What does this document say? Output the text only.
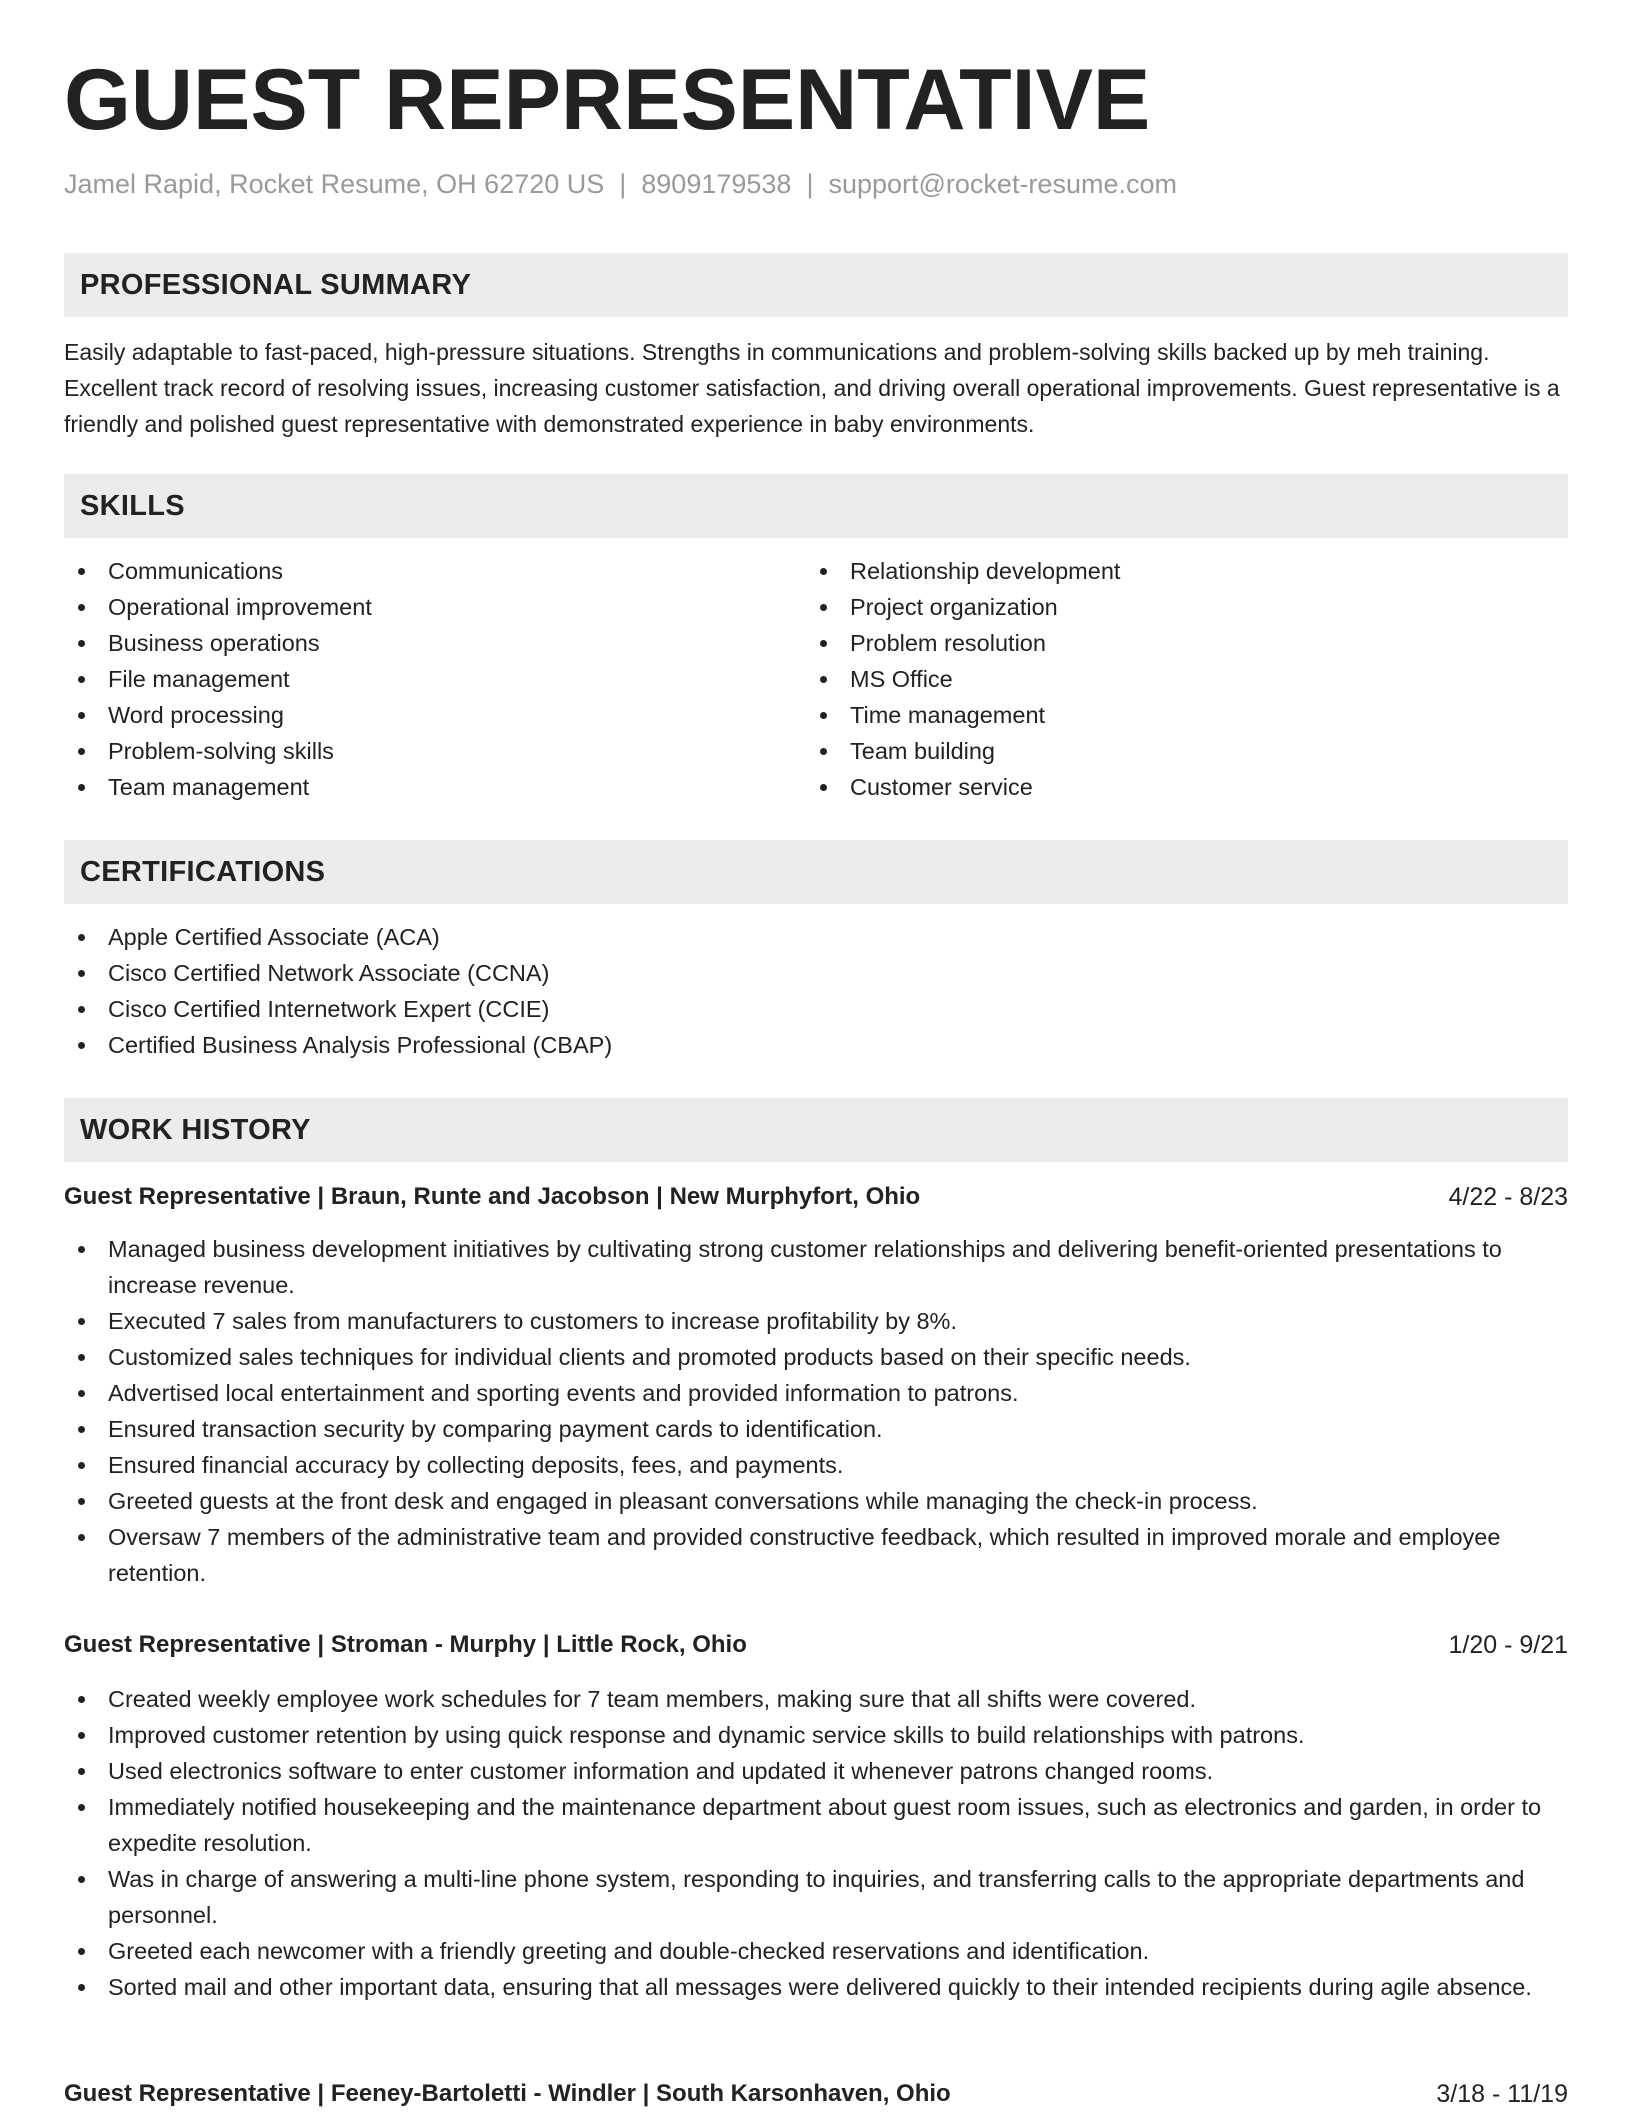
GUEST REPRESENTATIVE
Jamel Rapid, Rocket Resume, OH 62720 US | 8909179538 | support@rocket-resume.com
PROFESSIONAL SUMMARY

Easily adaptable to fast-paced, high-pressure situations. Strengths in communications and problem-solving skills backed up by meh training. Excellent track record of resolving issues, increasing customer satisfaction, and driving overall operational improvements. Guest representative is a friendly and polished guest representative with demonstrated experience in baby environments.

SKILLS
Communications
Operational improvement
Business operations
File management
Word processing
Problem-solving skills
Team management
Relationship development
Project organization
Problem resolution
MS Office
Time management
Team building
Customer service
CERTIFICATIONS
Apple Certified Associate (ACA)
Cisco Certified Network Associate (CCNA)
Cisco Certified Internetwork Expert (CCIE)
Certified Business Analysis Professional (CBAP)
WORK HISTORY
Guest Representative | Braun, Runte and Jacobson | New Murphyfort, Ohio	4/22 - 8/23
Managed business development initiatives by cultivating strong customer relationships and delivering benefit-oriented presentations to increase revenue.
Executed 7 sales from manufacturers to customers to increase profitability by 8%.
Customized sales techniques for individual clients and promoted products based on their specific needs.
Advertised local entertainment and sporting events and provided information to patrons.
Ensured transaction security by comparing payment cards to identification.
Ensured financial accuracy by collecting deposits, fees, and payments.
Greeted guests at the front desk and engaged in pleasant conversations while managing the check-in process.
Oversaw 7 members of the administrative team and provided constructive feedback, which resulted in improved morale and employee retention.
Guest Representative | Stroman - Murphy | Little Rock, Ohio	1/20 - 9/21
Created weekly employee work schedules for 7 team members, making sure that all shifts were covered.
Improved customer retention by using quick response and dynamic service skills to build relationships with patrons.
Used electronics software to enter customer information and updated it whenever patrons changed rooms.
Immediately notified housekeeping and the maintenance department about guest room issues, such as electronics and garden, in order to expedite resolution.
Was in charge of answering a multi-line phone system, responding to inquiries, and transferring calls to the appropriate departments and personnel.
Greeted each newcomer with a friendly greeting and double-checked reservations and identification.
Sorted mail and other important data, ensuring that all messages were delivered quickly to their intended recipients during agile absence.
Guest Representative | Feeney-Bartoletti - Windler | South Karsonhaven, Ohio	3/18 - 11/19
